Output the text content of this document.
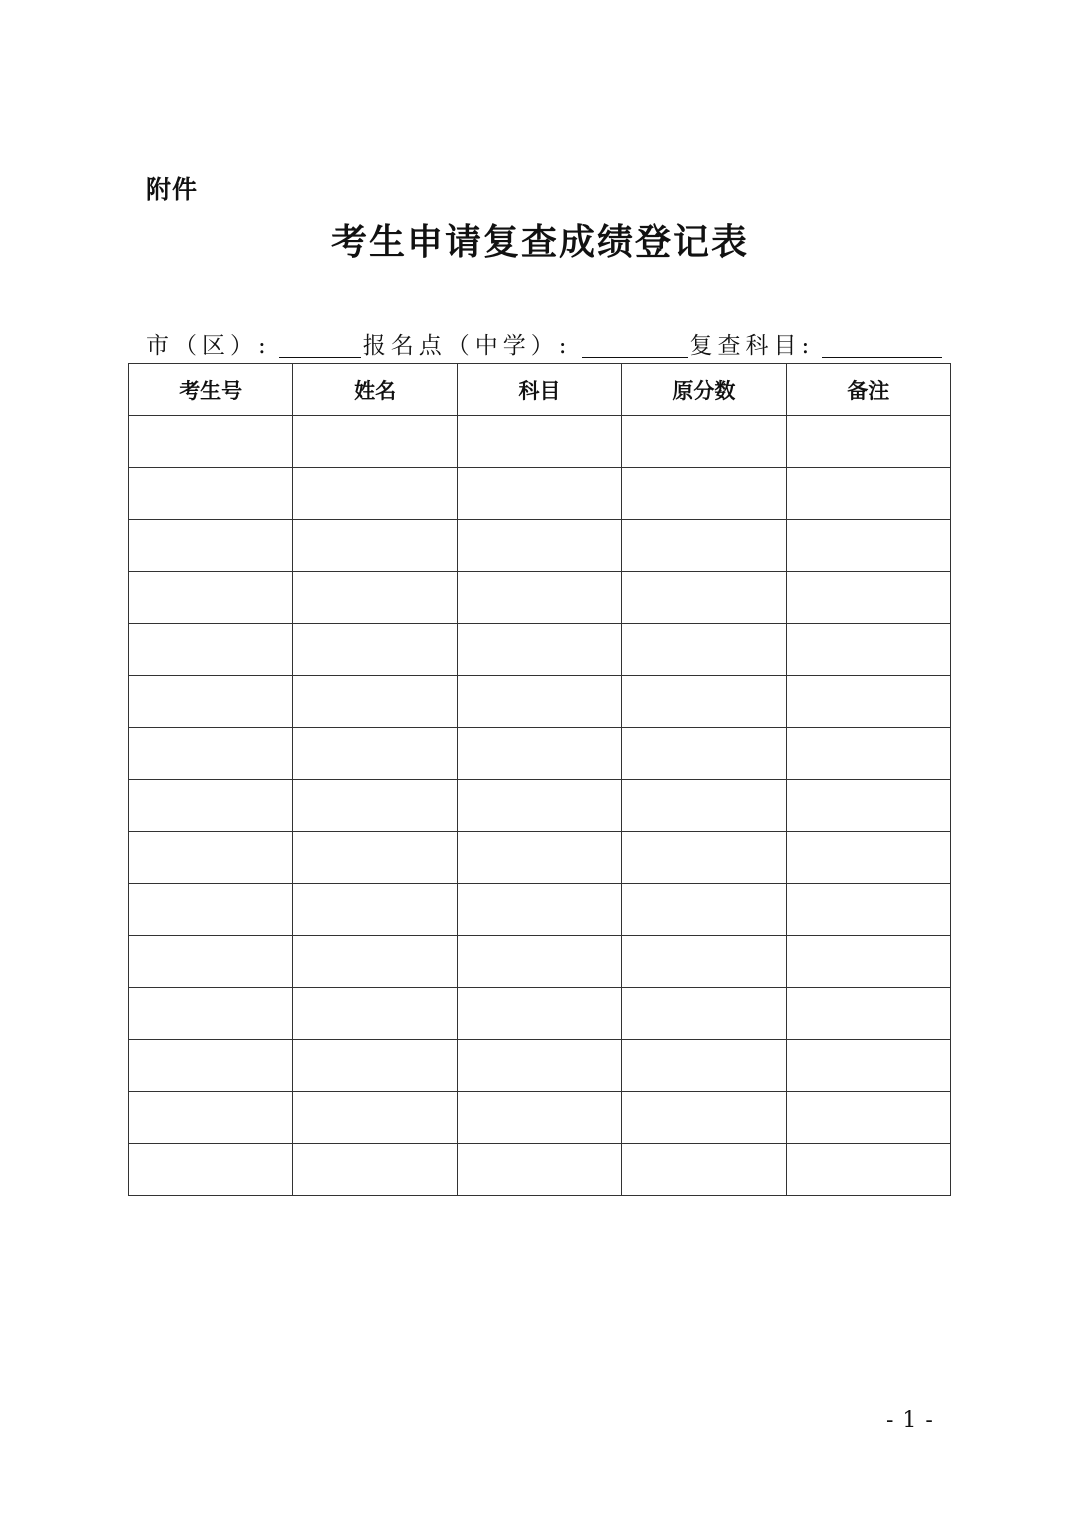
附件
考生申请复查成绩登记表
市（区）:	报名点（中学）:	复查科目:
考生号	姓名	科目	原分数	备注

- 1 -
